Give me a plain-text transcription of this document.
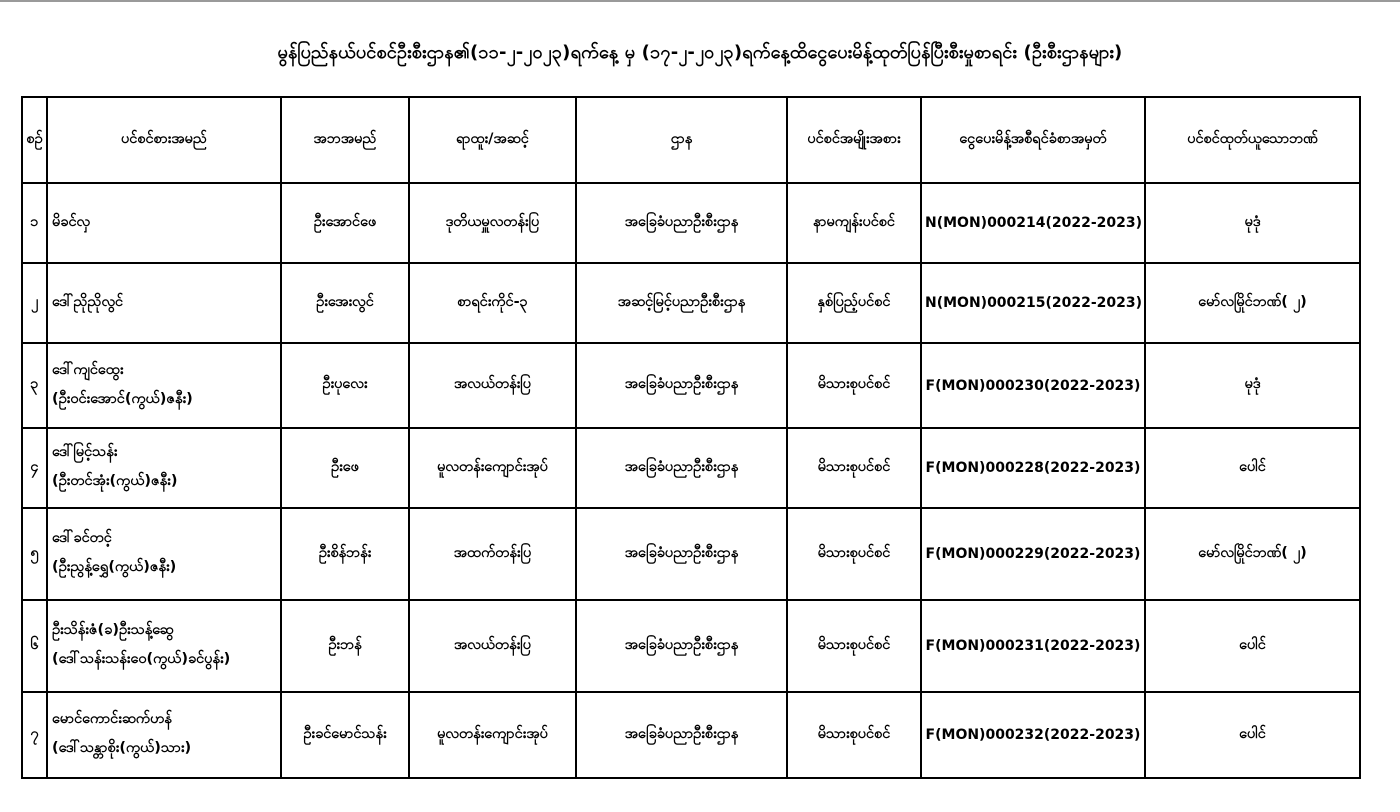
မွန်ပြည်နယ်ပင်စင်ဦးစီးဌာန၏(၁၁-၂-၂၀၂၃)ရက်နေ့ မှ (၁၇-၂-၂၀၂၃)ရက်နေ့ထိငွေပေးမိန့်ထုတ်ပြန်ပြီးစီးမှုစာရင်း (ဦးစီးဌာနများ)
စဉ်	ပင်စင်စားအမည်	အဘအမည်	ရာထူး/အဆင့်	ဌာန	ပင်စင်အမျိုးအစား	ငွေပေးမိန့်အစီရင်ခံစာအမှတ်	ပင်စင်ထုတ်ယူသောဘဏ်
၁	မိခင်လှ	ဦးအောင်ဖေ	ဒုတိယမှူလတန်းပြ	အခြေခံပညာဦးစီးဌာန	နာမကျန်းပင်စင်	N(MON)000214(2022-2023)	မုဒုံ
၂	ဒေါ်ညိုညိုလွင်	ဦးအေးလွင်	စာရင်းကိုင်-၃	အဆင့်မြင့်ပညာဦးစီးဌာန	နှစ်ပြည့်ပင်စင်	N(MON)000215(2022-2023)	မော်လမြိုင်ဘဏ်( ၂)
၃	ဒေါ်ကျင်ထွေး
(ဦးဝင်းအောင်(ကွယ်)ဇနီး)	ဦးပုလေး	အလယ်တန်းပြ	အခြေခံပညာဦးစီးဌာန	မိသားစုပင်စင်	F(MON)000230(2022-2023)	မုဒုံ
၄	ဒေါ်မြင့်သန်း
(ဦးတင်အုံး(ကွယ်)ဇနီး)	ဦးဖေ	မူလတန်းကျောင်းအုပ်	အခြေခံပညာဦးစီးဌာန	မိသားစုပင်စင်	F(MON)000228(2022-2023)	ပေါင်
၅	ဒေါ်ခင်တင့်
(ဦးညွန့်ရွှေ(ကွယ်)ဇနီး)	ဦးစိန်ဘန်း	အထက်တန်းပြ	အခြေခံပညာဦးစီးဌာန	မိသားစုပင်စင်	F(MON)000229(2022-2023)	မော်လမြိုင်ဘဏ်( ၂)
၆	ဦးသိန်းဇံ(ခ)ဦးသန့်ဆွေ
(ဒေါ်သန်းသန်းဝေ(ကွယ်)ခင်ပွန်း)	ဦးဘန်	အလယ်တန်းပြ	အခြေခံပညာဦးစီးဌာန	မိသားစုပင်စင်	F(MON)000231(2022-2023)	ပေါင်
၇	မောင်ကောင်းဆက်ဟန်
(ဒေါ်သန္တာစိုး(ကွယ်)သား)	ဦးခင်မောင်သန်း	မူလတန်းကျောင်းအုပ်	အခြေခံပညာဦးစီးဌာန	မိသားစုပင်စင်	F(MON)000232(2022-2023)	ပေါင်
